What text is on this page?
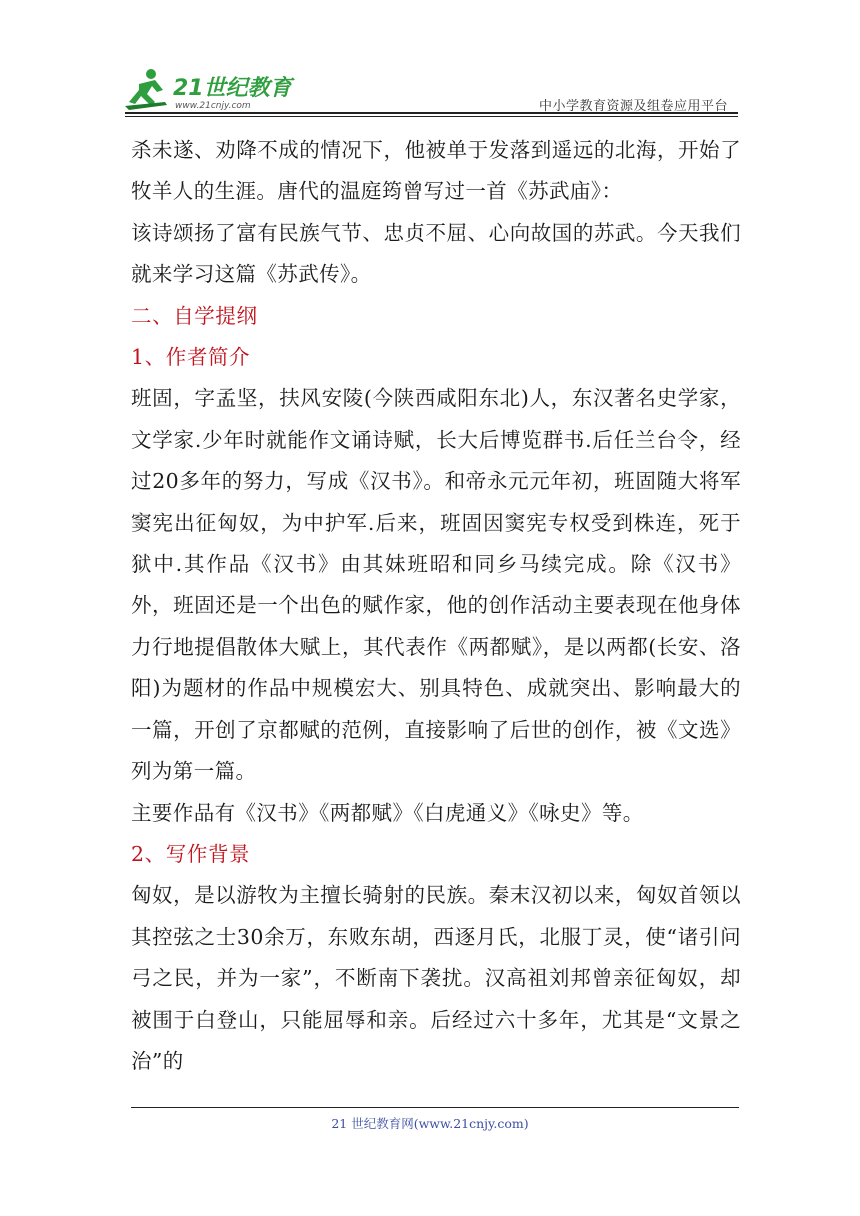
21世纪教育
www.21cnjy.com	中小学教育资源及组卷应用平台

杀未遂、劝降不成的情况下，他被单于发落到遥远的北海，开始了牧羊人的生涯。唐代的温庭筠曾写过一首《苏武庙》：

该诗颂扬了富有民族气节、忠贞不屈、心向故国的苏武。今天我们就来学习这篇《苏武传》。

二、自学提纲

1、作者简介

班固，字孟坚，扶风安陵(今陕西咸阳东北)人，东汉著名史学家，文学家.少年时就能作文诵诗赋，长大后博览群书.后任兰台令，经过20多年的努力，写成《汉书》。和帝永元元年初，班固随大将军窦宪出征匈奴，为中护军.后来，班固因窦宪专权受到株连，死于狱中.其作品《汉书》由其妹班昭和同乡马续完成。除《汉书》外，班固还是一个出色的赋作家，他的创作活动主要表现在他身体力行地提倡散体大赋上，其代表作《两都赋》，是以两都(长安、洛阳)为题材的作品中规模宏大、别具特色、成就突出、影响最大的一篇，开创了京都赋的范例，直接影响了后世的创作，被《文选》列为第一篇。

主要作品有《汉书》《两都赋》《白虎通义》《咏史》等。

2、写作背景

匈奴，是以游牧为主擅长骑射的民族。秦末汉初以来，匈奴首领以其控弦之士30余万，东败东胡，西逐月氏，北服丁灵，使“诸引问弓之民，并为一家”，不断南下袭扰。汉高祖刘邦曾亲征匈奴，却被围于白登山，只能屈辱和亲。后经过六十多年，尤其是“文景之治”的

21 世纪教育网(www.21cnjy.com)
